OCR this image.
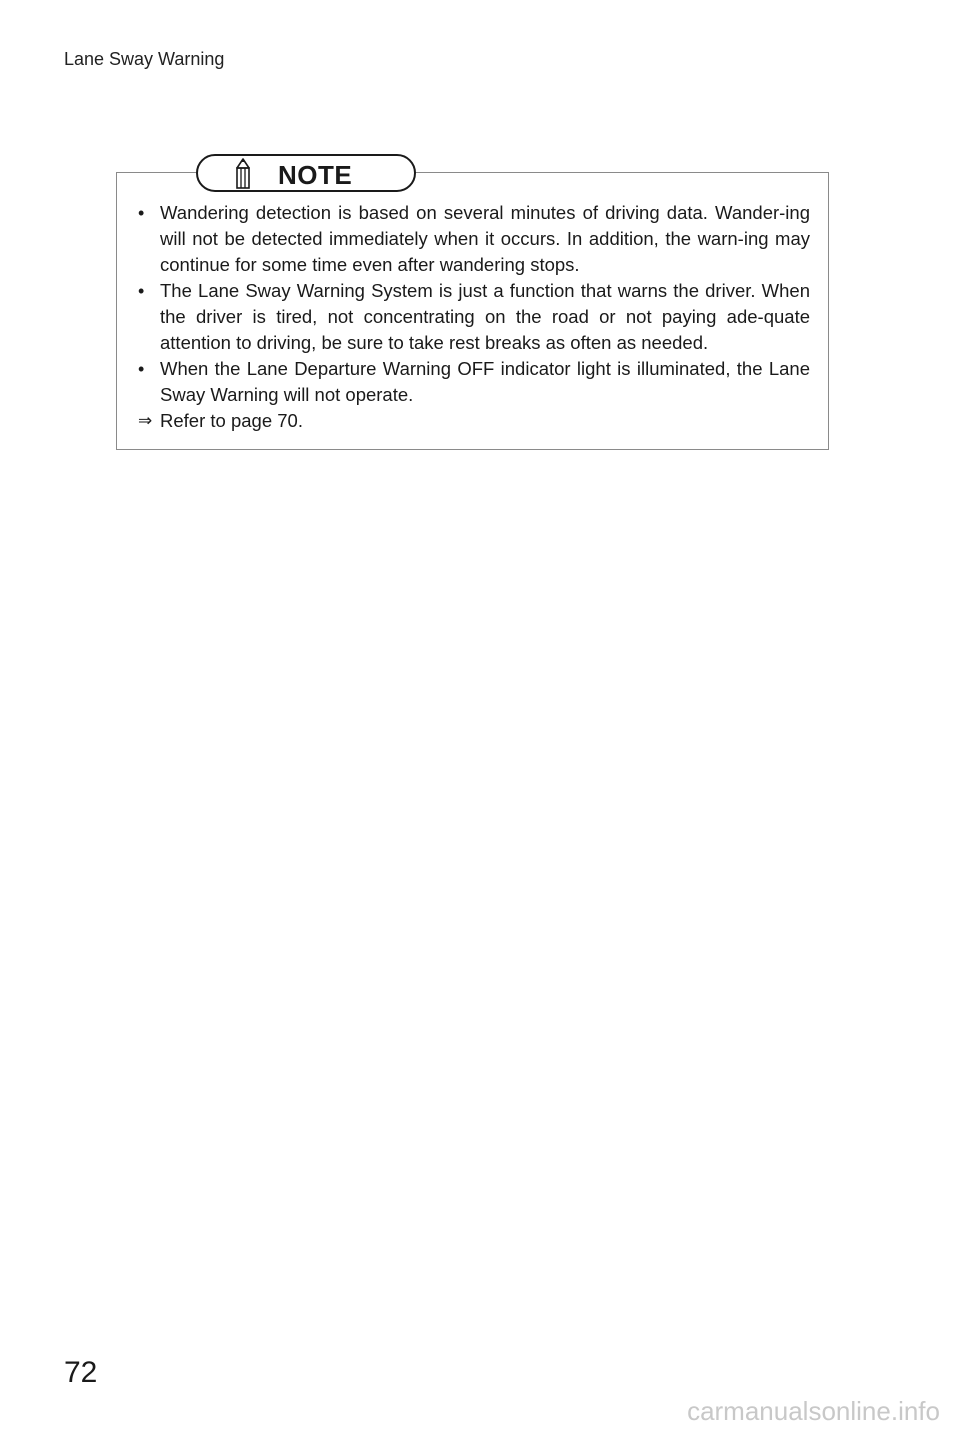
Lane Sway Warning
NOTE
• Wandering detection is based on several minutes of driving data. Wander-ing will not be detected immediately when it occurs. In addition, the warn-ing may continue for some time even after wandering stops.
• The Lane Sway Warning System is just a function that warns the driver. When the driver is tired, not concentrating on the road or not paying ade-quate attention to driving, be sure to take rest breaks as often as needed.
• When the Lane Departure Warning OFF indicator light is illuminated, the Lane Sway Warning will not operate.
⇒ Refer to page 70.
72
carmanualsonline.info
